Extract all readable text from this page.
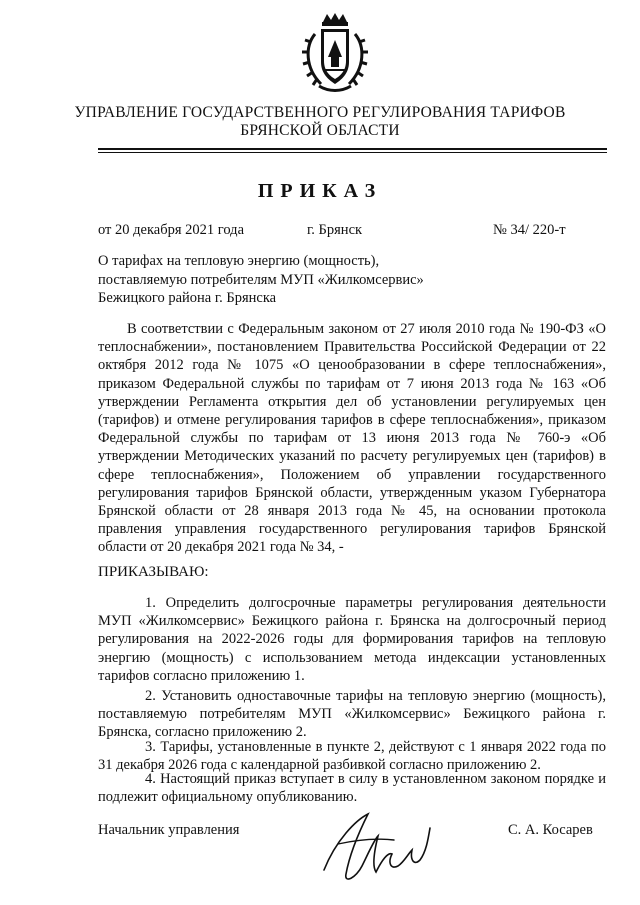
УПРАВЛЕНИЕ ГОСУДАРСТВЕННОГО РЕГУЛИРОВАНИЯ ТАРИФОВ
БРЯНСКОЙ ОБЛАСТИ
ПРИКАЗ
от 20 декабря 2021 года	г. Брянск	№ 34/ 220-т
О тарифах на тепловую энергию (мощность),
поставляемую потребителям МУП «Жилкомсервис»
Бежицкого района г. Брянска

В соответствии с Федеральным законом от 27 июля 2010 года № 190-ФЗ «О теплоснабжении», постановлением Правительства Российской Федерации от 22 октября 2012 года № 1075 «О ценообразовании в сфере теплоснабжения», приказом Федеральной службы по тарифам от 7 июня 2013 года № 163 «Об утверждении Регламента открытия дел об установлении регулируемых цен (тарифов) и отмене регулирования тарифов в сфере теплоснабжения», приказом Федеральной службы по тарифам от 13 июня 2013 года № 760-э «Об утверждении Методических указаний по расчету регулируемых цен (тарифов) в сфере теплоснабжения», Положением об управлении государственного регулирования тарифов Брянской области, утвержденным указом Губернатора Брянской области от 28 января 2013 года № 45, на основании протокола правления управления государственного регулирования тарифов Брянской области от 20 декабря 2021 года № 34, -

ПРИКАЗЫВАЮ:

1. Определить долгосрочные параметры регулирования деятельности МУП «Жилкомсервис» Бежицкого района г. Брянска на долгосрочный период регулирования на 2022-2026 годы для формирования тарифов на тепловую энергию (мощность) с использованием метода индексации установленных тарифов согласно приложению 1.

2. Установить одноставочные тарифы на тепловую энергию (мощность), поставляемую потребителям МУП «Жилкомсервис» Бежицкого района г. Брянска, согласно приложению 2.

3. Тарифы, установленные в пункте 2, действуют с 1 января 2022 года по 31 декабря 2026 года с календарной разбивкой согласно приложению 2.

4. Настоящий приказ вступает в силу в установленном законом порядке и подлежит официальному опубликованию.

Начальник управления	С. А. Косарев
